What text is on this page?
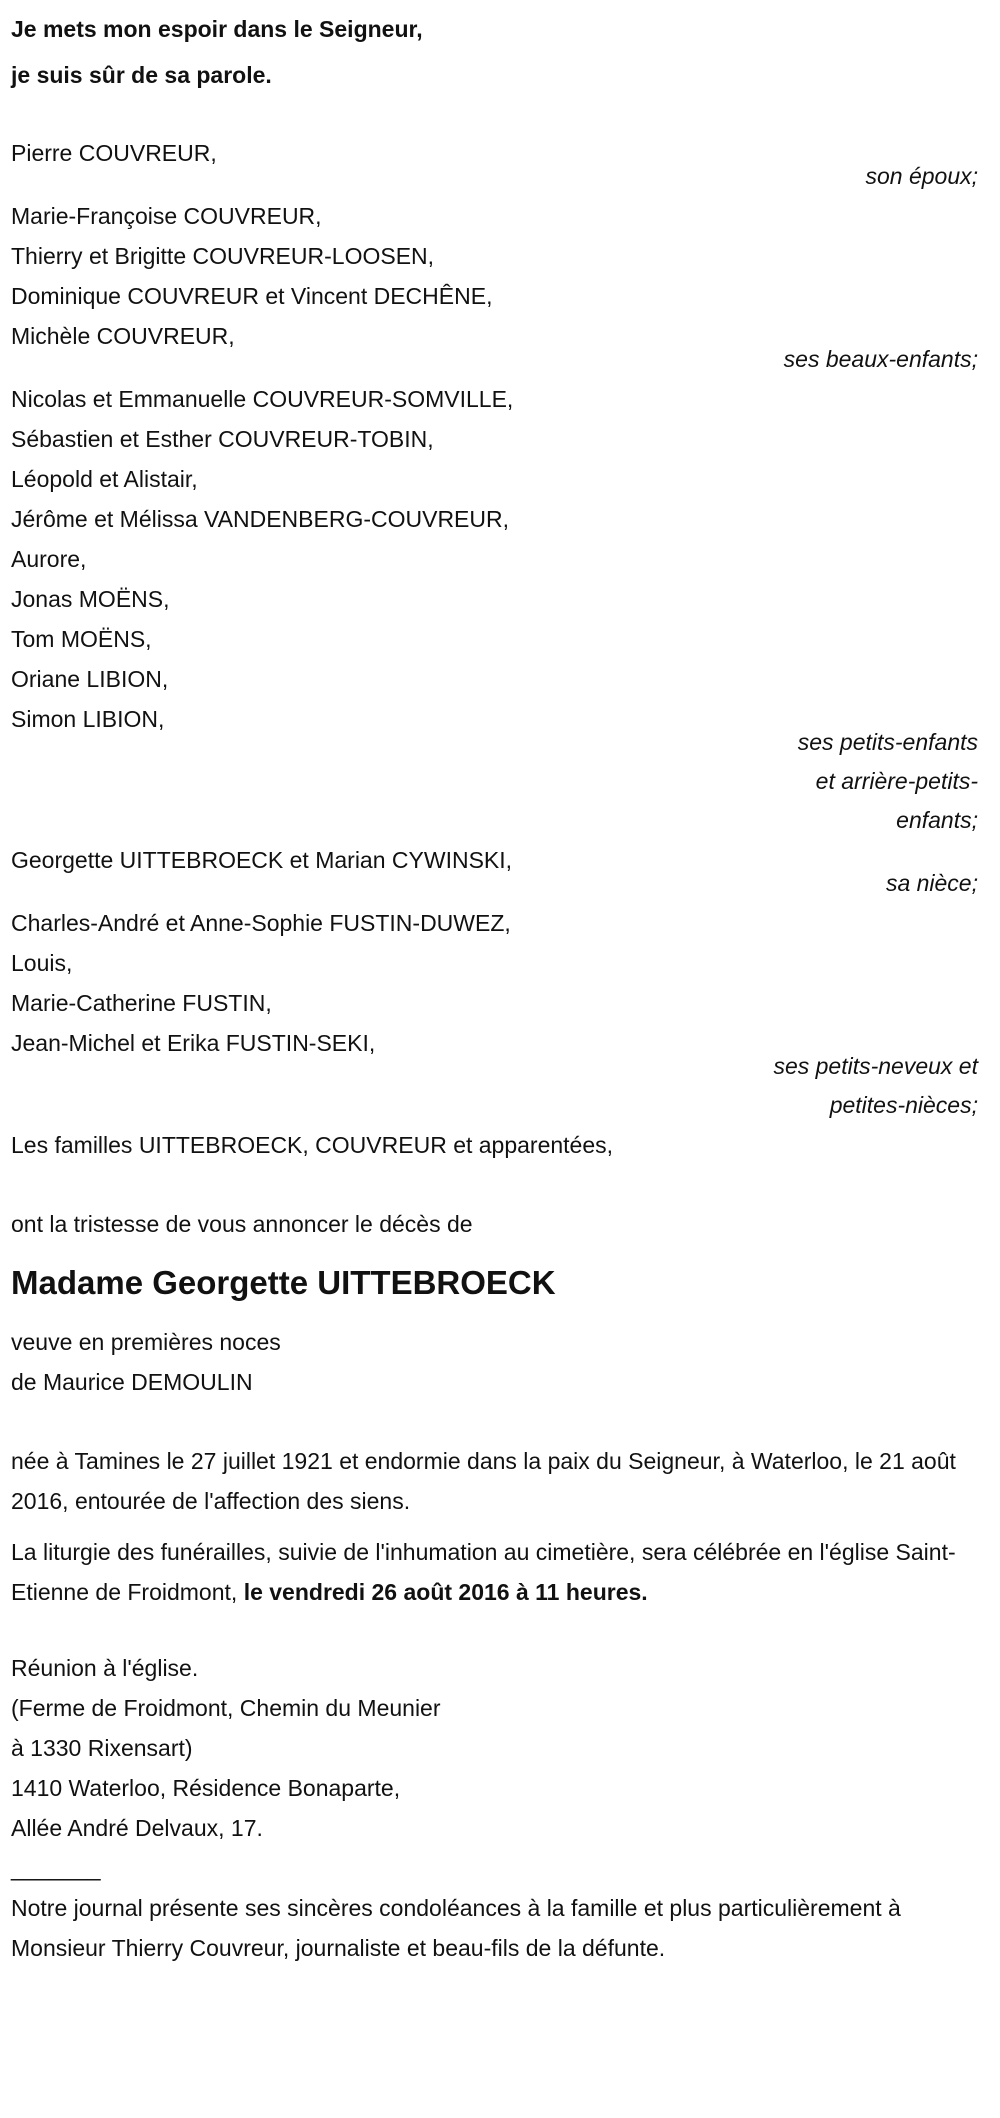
Je mets mon espoir dans le Seigneur,
je suis sûr de sa parole.
Pierre COUVREUR,
son époux;
Marie-Françoise COUVREUR,
Thierry et Brigitte COUVREUR-LOOSEN,
Dominique COUVREUR et Vincent DECHÊNE,
Michèle COUVREUR,
ses beaux-enfants;
Nicolas et Emmanuelle COUVREUR-SOMVILLE,
Sébastien et Esther COUVREUR-TOBIN,
Léopold et Alistair,
Jérôme et Mélissa VANDENBERG-COUVREUR,
Aurore,
Jonas MOËNS,
Tom MOËNS,
Oriane LIBION,
Simon LIBION,
ses petits-enfants
et arrière-petits-
enfants;
Georgette UITTEBROECK et Marian CYWINSKI,
sa nièce;
Charles-André et Anne-Sophie FUSTIN-DUWEZ,
Louis,
Marie-Catherine FUSTIN,
Jean-Michel et Erika FUSTIN-SEKI,
ses petits-neveux et
petites-nièces;
Les familles UITTEBROECK, COUVREUR et apparentées,
ont la tristesse de vous annoncer le décès de
Madame Georgette UITTEBROECK
veuve en premières noces
de Maurice DEMOULIN
née à Tamines le 27 juillet 1921 et endormie dans la paix du Seigneur, à Waterloo, le 21 août 2016, entourée de l'affection des siens.
La liturgie des funérailles, suivie de l'inhumation au cimetière, sera célébrée en l'église Saint-Etienne de Froidmont, le vendredi 26 août 2016 à 11 heures.
Réunion à l'église.
(Ferme de Froidmont, Chemin du Meunier
à 1330 Rixensart)
1410 Waterloo, Résidence Bonaparte,
Allée André Delvaux, 17.
_______
Notre journal présente ses sincères condoléances à la famille et plus particulièrement à Monsieur Thierry Couvreur, journaliste et beau-fils de la défunte.
